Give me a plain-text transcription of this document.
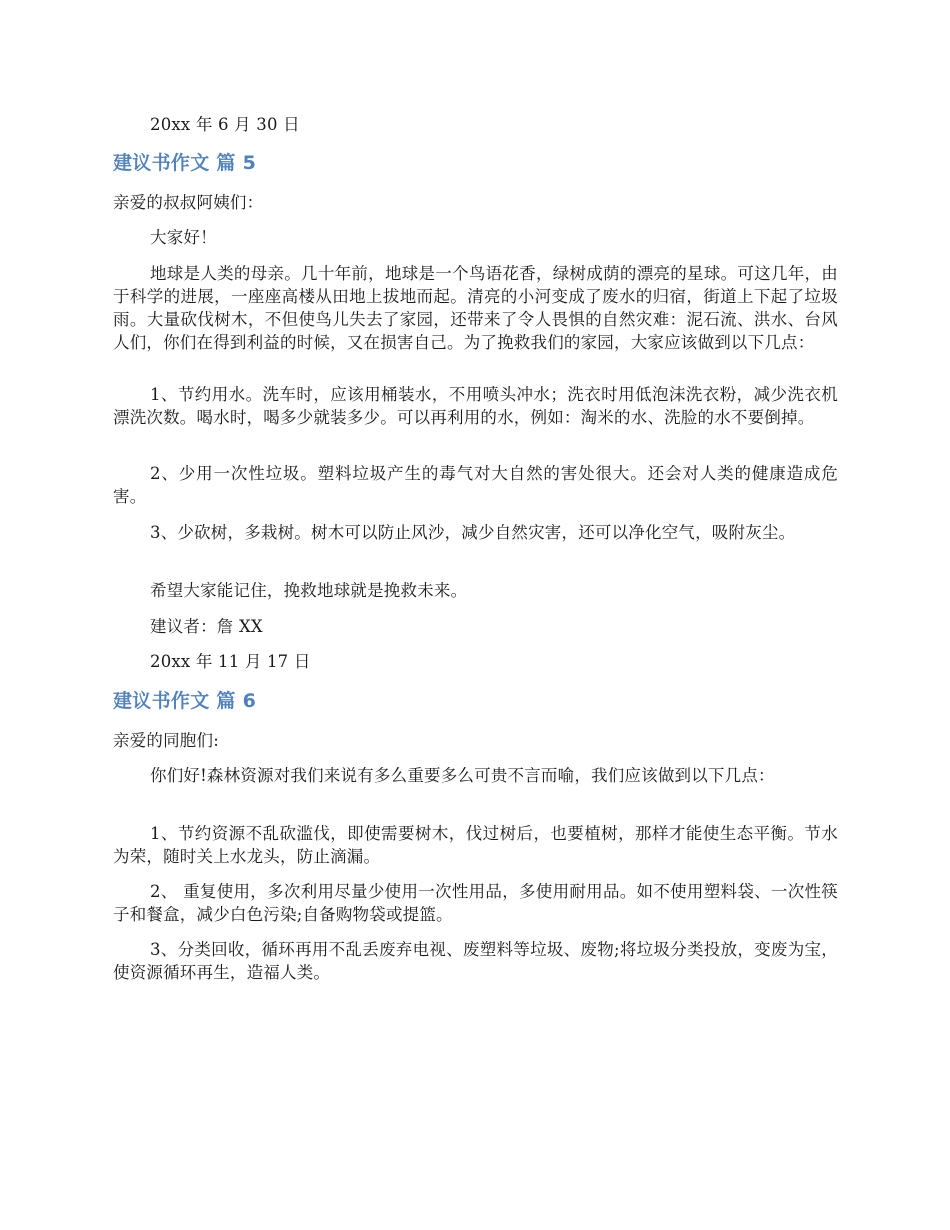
20xx 年 6 月 30 日

建议书作文 篇 5

亲爱的叔叔阿姨们：

大家好！

地球是人类的母亲。几十年前，地球是一个鸟语花香，绿树成荫的漂亮的星球。可这几年，由于科学的进展，一座座高楼从田地上拔地而起。清亮的小河变成了废水的归宿，街道上下起了垃圾雨。大量砍伐树木，不但使鸟儿失去了家园，还带来了令人畏惧的自然灾难：泥石流、洪水、台风人们，你们在得到利益的时候，又在损害自己。为了挽救我们的家园，大家应该做到以下几点：

1、节约用水。洗车时，应该用桶装水，不用喷头冲水；洗衣时用低泡沫洗衣粉，减少洗衣机漂洗次数。喝水时，喝多少就装多少。可以再利用的水，例如：淘米的水、洗脸的水不要倒掉。

2、少用一次性垃圾。塑料垃圾产生的毒气对大自然的害处很大。还会对人类的健康造成危害。

3、少砍树，多栽树。树木可以防止风沙，减少自然灾害，还可以净化空气，吸附灰尘。

希望大家能记住，挽救地球就是挽救未来。

建议者：詹 XX

20xx 年 11 月 17 日

建议书作文 篇 6

亲爱的同胞们:

你们好!森林资源对我们来说有多么重要多么可贵不言而喻，我们应该做到以下几点：

1、节约资源不乱砍滥伐，即使需要树木，伐过树后，也要植树，那样才能使生态平衡。节水为荣，随时关上水龙头，防止滴漏。

2、 重复使用，多次利用尽量少使用一次性用品，多使用耐用品。如不使用塑料袋、一次性筷子和餐盒，减少白色污染;自备购物袋或提篮。

3、分类回收，循环再用不乱丢废弃电视、废塑料等垃圾、废物;将垃圾分类投放，变废为宝，使资源循环再生，造福人类。
